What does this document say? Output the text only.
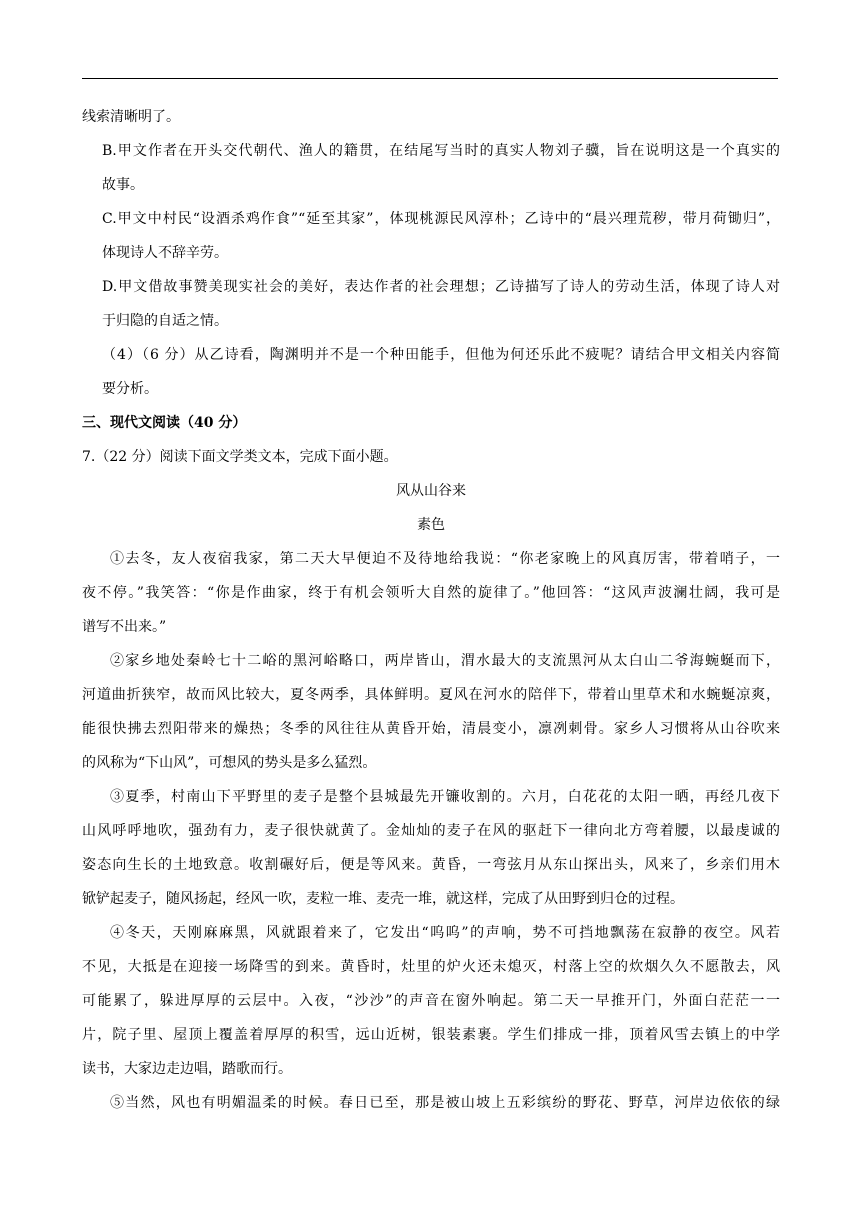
线索清晰明了。
B.甲文作者在开头交代朝代、渔人的籍贯，在结尾写当时的真实人物刘子骥，旨在说明这是一个真实的
故事。
C.甲文中村民“设酒杀鸡作食”“延至其家”，体现桃源民风淳朴；乙诗中的“晨兴理荒秽，带月荷锄归”，
体现诗人不辞辛劳。
D.甲文借故事赞美现实社会的美好，表达作者的社会理想；乙诗描写了诗人的劳动生活，体现了诗人对
于归隐的自适之情。
（4）（6 分）从乙诗看，陶渊明并不是一个种田能手，但他为何还乐此不疲呢？请结合甲文相关内容简
要分析。
三、现代文阅读（40 分）
7.（22 分）阅读下面文学类文本，完成下面小题。
风从山谷来
素色
①去冬，友人夜宿我家，第二天大早便迫不及待地给我说：“你老家晚上的风真厉害，带着哨子，一
夜不停。”我笑答：“你是作曲家，终于有机会领听大自然的旋律了。”他回答：“这风声波澜壮阔，我可是
谱写不出来。”
②家乡地处秦岭七十二峪的黑河峪略口，两岸皆山，渭水最大的支流黑河从太白山二爷海蜿蜒而下，
河道曲折狭窄，故而风比较大，夏冬两季，具体鲜明。夏风在河水的陪伴下，带着山里草术和水蜿蜒凉爽，
能很快拂去烈阳带来的燥热；冬季的风往往从黄昏开始，清晨变小，凛冽刺骨。家乡人习惯将从山谷吹来
的风称为“下山风”，可想风的势头是多么猛烈。
③夏季，村南山下平野里的麦子是整个县城最先开镰收割的。六月，白花花的太阳一晒，再经几夜下
山风呼呼地吹，强劲有力，麦子很快就黄了。金灿灿的麦子在风的驱赶下一律向北方弯着腰，以最虔诚的
姿态向生长的土地致意。收割碾好后，便是等风来。黄昏，一弯弦月从东山探出头，风来了，乡亲们用木
锨铲起麦子，随风扬起，经风一吹，麦粒一堆、麦壳一堆，就这样，完成了从田野到归仓的过程。
④冬天，天刚麻麻黑，风就跟着来了，它发出“呜呜”的声响，势不可挡地飘荡在寂静的夜空。风若
不见，大抵是在迎接一场降雪的到来。黄昏时，灶里的炉火还未熄灭，村落上空的炊烟久久不愿散去，风
可能累了，躲进厚厚的云层中。入夜，“沙沙”的声音在窗外响起。第二天一早推开门，外面白茫茫一一
片，院子里、屋顶上覆盖着厚厚的积雪，远山近树，银装素裹。学生们排成一排，顶着风雪去镇上的中学
读书，大家边走边唱，踏歌而行。
⑤当然，风也有明媚温柔的时候。春日已至，那是被山坡上五彩缤纷的野花、野草，河岸边依依的绿
